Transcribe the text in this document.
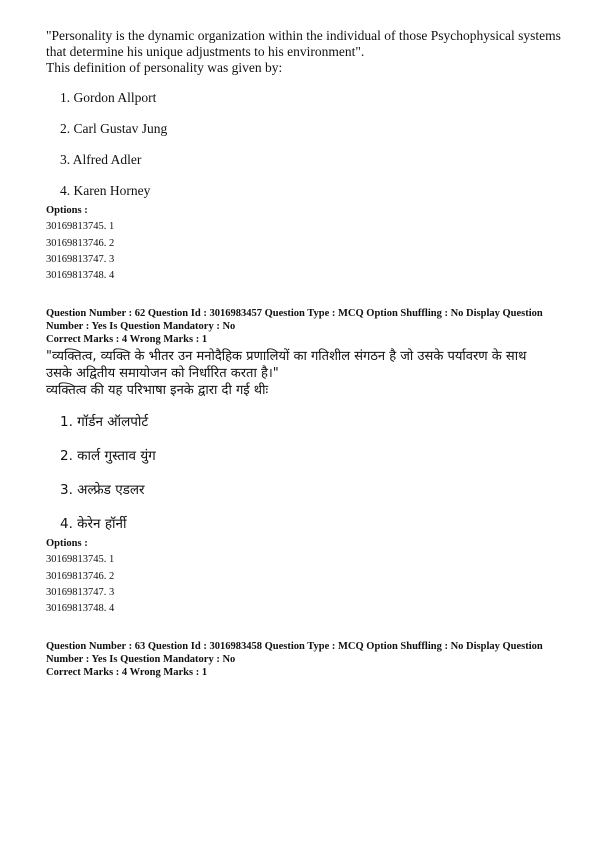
"Personality is the dynamic organization within the individual of those Psychophysical systems

that determine his unique adjustments to his environment".

This definition of personality was given by:

1. Gordon Allport

2. Carl Gustav Jung

3. Alfred Adler

4. Karen Horney

Options :

30169813745. 1

30169813746. 2

30169813747. 3

30169813748. 4

Question Number : 62 Question Id : 3016983457 Question Type : MCQ Option Shuffling : No Display Question

Number : Yes Is Question Mandatory : No

Correct Marks : 4 Wrong Marks : 1

"व्यक्तित्व, व्यक्ति के भीतर उन मनोदैहिक प्रणालियों का गतिशील संगठन है जो उसके पर्यावरण के साथ

उसके अद्वितीय समायोजन को निर्धारित करता है।"

व्यक्तित्व की यह परिभाषा इनके द्वारा दी गई थीः

1. गॉर्डन ऑलपोर्ट

2. कार्ल गुस्ताव युंग

3. अल्फ्रेड एडलर

4. केरेन हॉर्नी

Options :

30169813745. 1

30169813746. 2

30169813747. 3

30169813748. 4

Question Number : 63 Question Id : 3016983458 Question Type : MCQ Option Shuffling : No Display Question

Number : Yes Is Question Mandatory : No

Correct Marks : 4 Wrong Marks : 1
